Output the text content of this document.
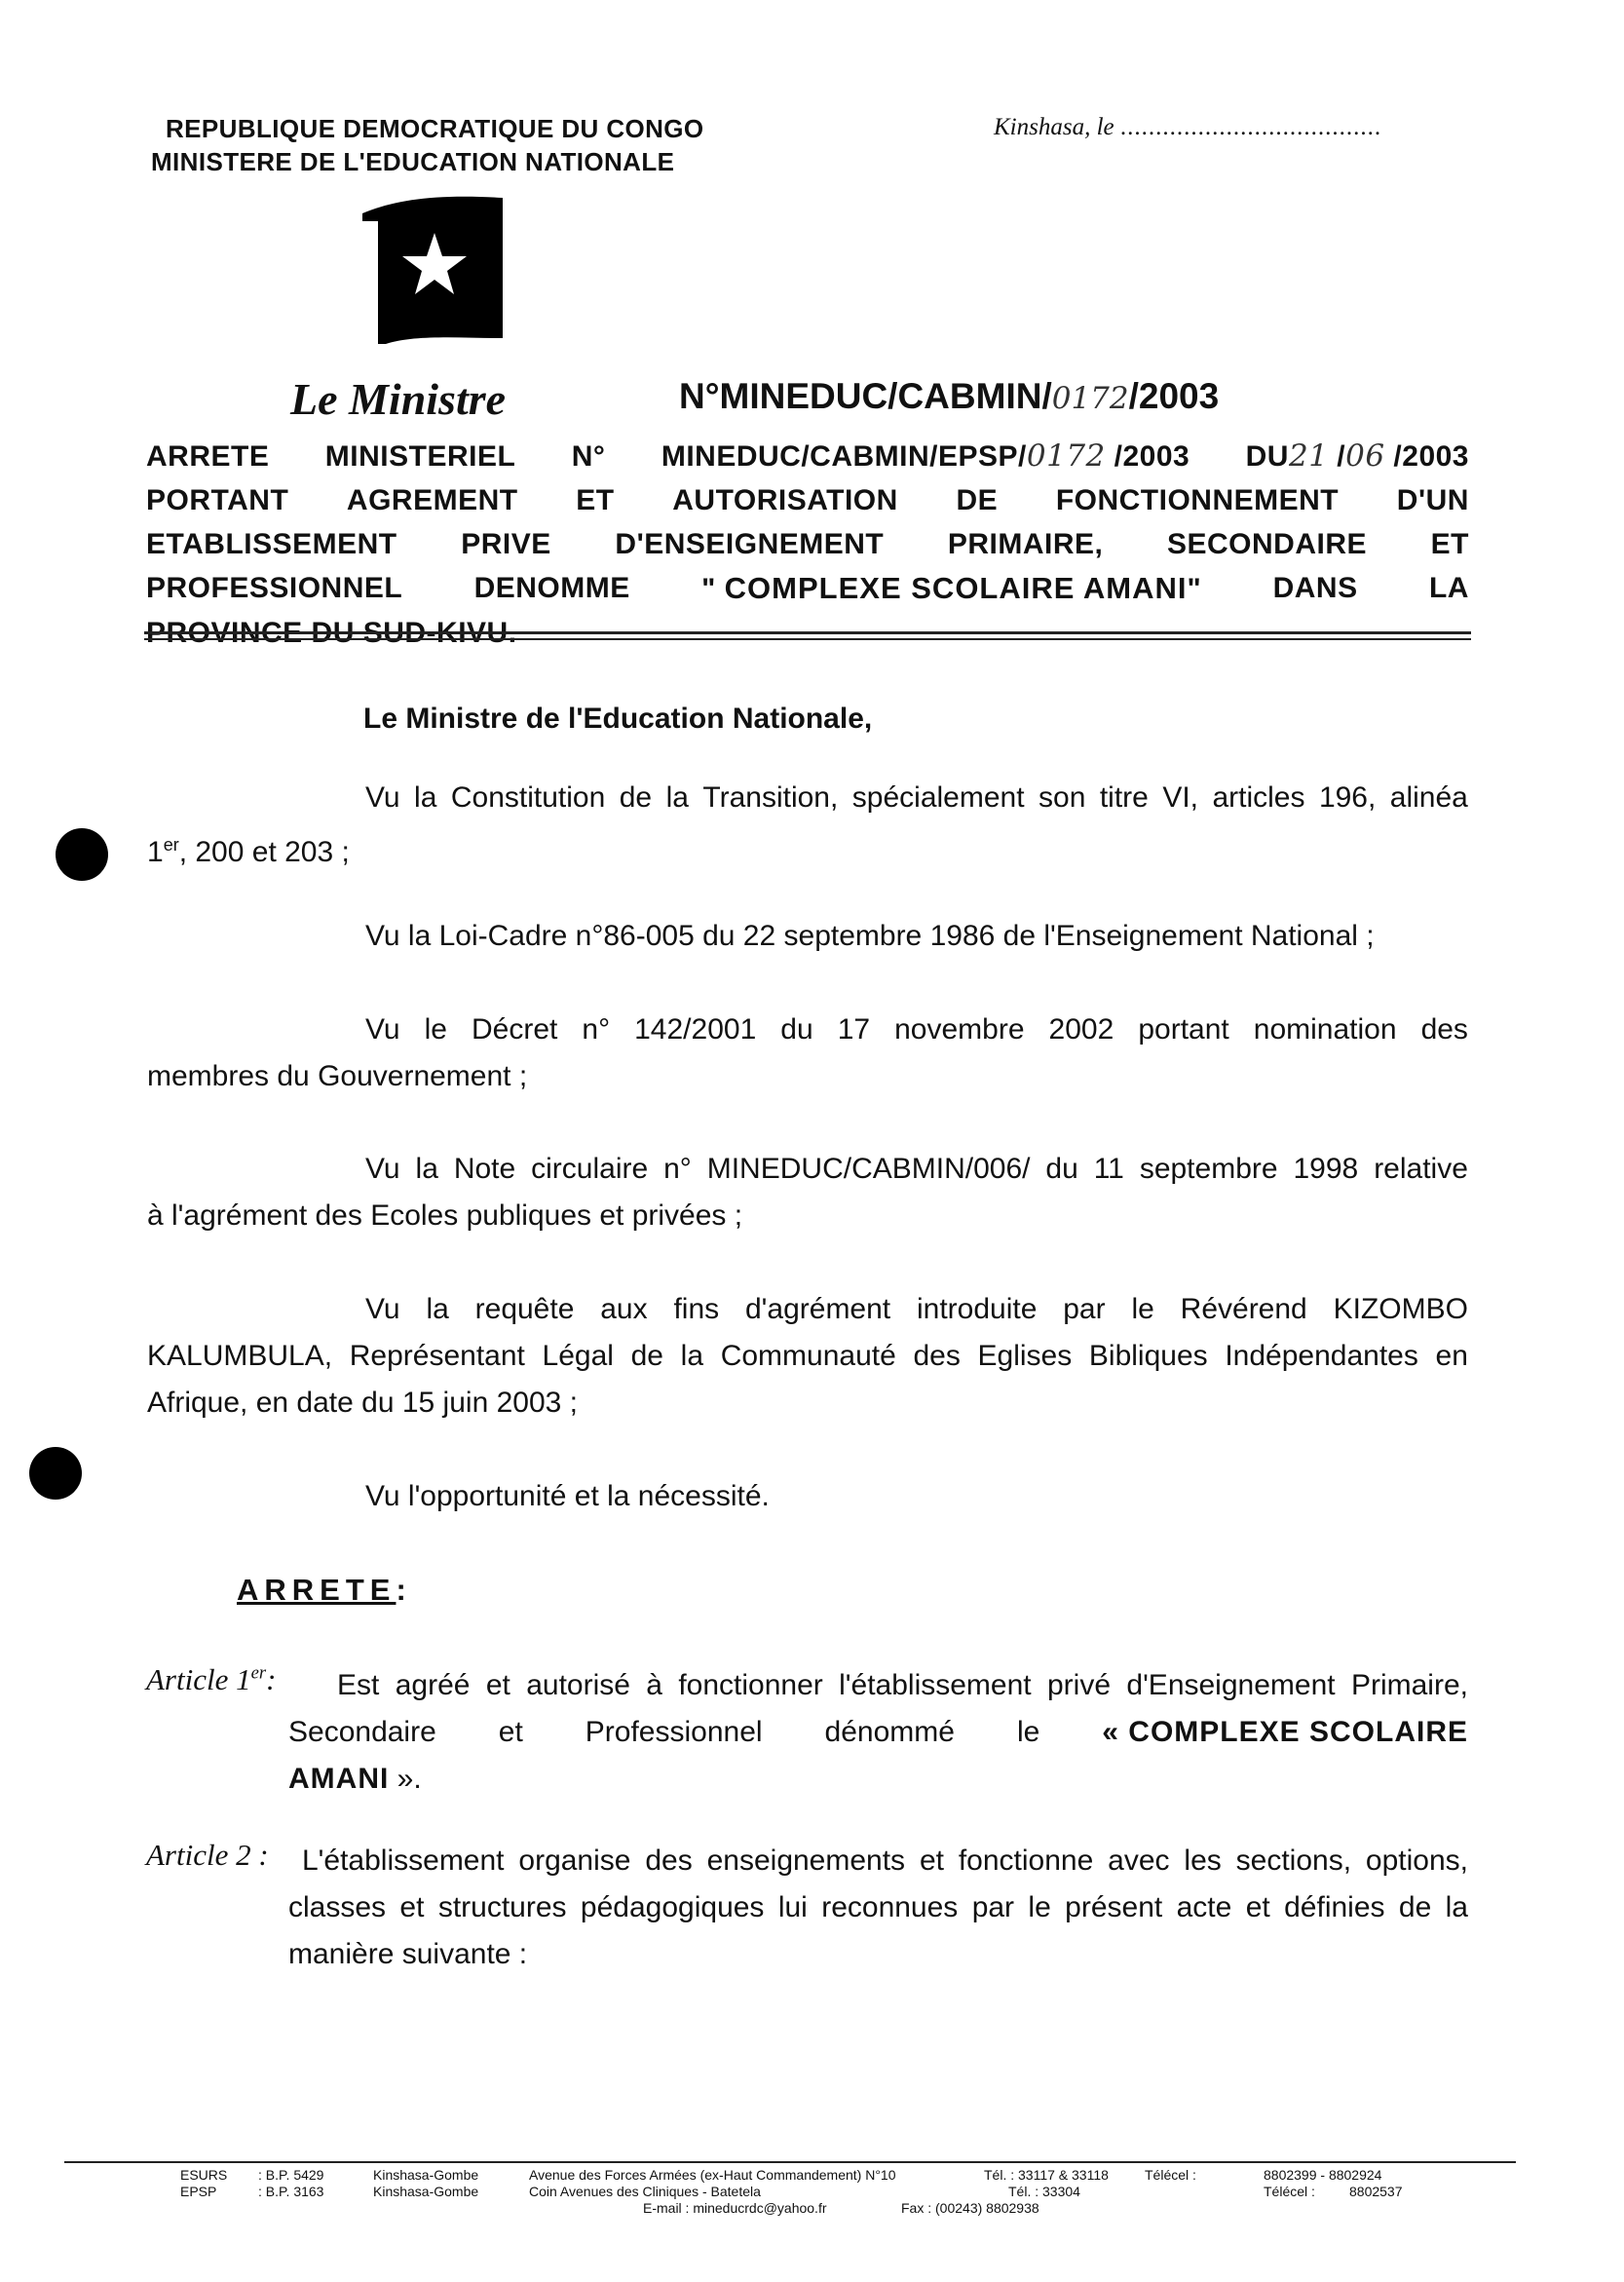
REPUBLIQUE DEMOCRATIQUE DU CONGO
MINISTERE DE L'EDUCATION NATIONALE
Kinshasa, le .....................................
Le Ministre	N°MINEDUC/CABMIN/0172/2003
ARRETE MINISTERIEL N° MINEDUC/CABMIN/EPSP/0172 /2003 DU21 /06 /2003
PORTANT AGREMENT ET AUTORISATION DE FONCTIONNEMENT D'UN
ETABLISSEMENT PRIVE D'ENSEIGNEMENT PRIMAIRE, SECONDAIRE ET
PROFESSIONNEL DENOMME " COMPLEXE SCOLAIRE AMANI" DANS LA
PROVINCE DU SUD-KIVU.
Le Ministre de l'Education Nationale,
Vu la Constitution de la Transition, spécialement son titre VI, articles 196, alinéa
1er, 200 et 203 ;
Vu la Loi-Cadre n°86-005 du 22 septembre 1986 de l'Enseignement National ;
Vu le Décret n° 142/2001 du 17 novembre 2002 portant nomination des
membres du Gouvernement ;
Vu la Note circulaire n° MINEDUC/CABMIN/006/ du 11 septembre 1998 relative
à l'agrément des Ecoles publiques et privées ;
Vu la requête aux fins d'agrément introduite par le Révérend KIZOMBO
KALUMBULA, Représentant Légal de la Communauté des Eglises Bibliques Indépendantes en
Afrique, en date du 15 juin 2003 ;
Vu l'opportunité et la nécessité.
ARRETE:
Article 1er: Est agréé et autorisé à fonctionner l'établissement privé d'Enseignement Primaire,
Secondaire et Professionnel dénommé le « COMPLEXE SCOLAIRE
AMANI ».
Article 2 : L'établissement organise des enseignements et fonctionne avec les sections, options,
classes et structures pédagogiques lui reconnues par le présent acte et définies de la
manière suivante :
ESURS : B.P. 5429	Kinshasa-Gombe	Avenue des Forces Armées (ex-Haut Commandement) N°10	Tél. : 33117 & 33118	Télécel :	8802399 - 8802924
EPSP	: B.P. 3163	Kinshasa-Gombe	Coin Avenues des Cliniques - Batetela	Tél. : 33304	Télécel :	8802537
E-mail : mineducrdc@yahoo.fr	Fax : (00243) 8802938
